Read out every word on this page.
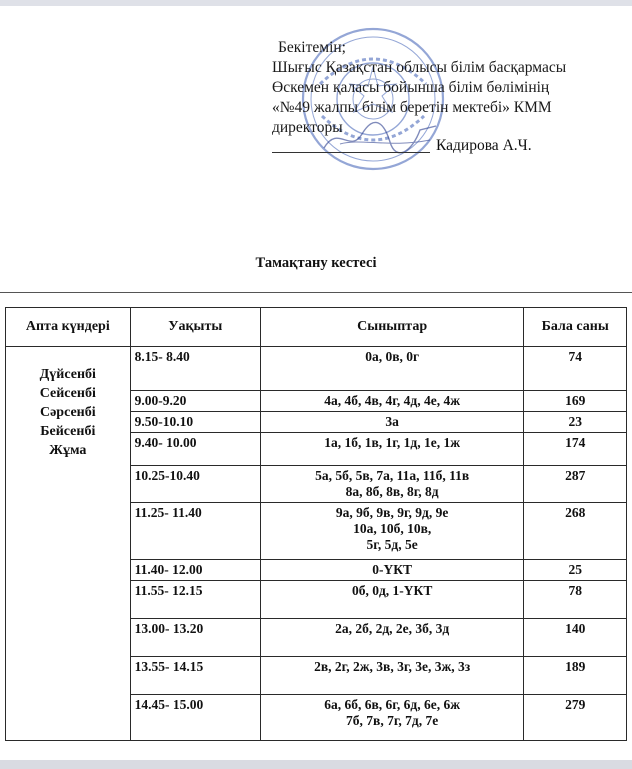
Бекітемін;
Шығыс Қазақстан облысы білім басқармасы
Өскемен қаласы бойынша білім бөлімінің
«№49 жалпы білім беретін мектебі» КММ
директоры
Кадирова А.Ч.
Тамақтану кестесі
Апта күндері	Уақыты	Сыныптар	Бала саны

Дүйсенбі
Сейсенбі
Сәрсенбі
Бейсенбі
Жұма	8.15- 8.40	0а, 0в, 0г	74
	9.00-9.20	4а, 4б, 4в, 4г, 4д, 4е, 4ж	169
	9.50-10.10	3а	23
	9.40- 10.00	1а, 1б, 1в, 1г, 1д, 1е, 1ж	174
	10.25-10.40	5а, 5б, 5в, 7а, 11а, 11б, 11в
8а, 8б, 8в, 8г, 8д	287
	11.25- 11.40	9а, 9б, 9в, 9г, 9д, 9е
10а, 10б, 10в,
5г, 5д, 5е	268
	11.40- 12.00	0-ҮКТ	25
	11.55- 12.15	0б, 0д, 1-ҮКТ	78
	13.00- 13.20	2а, 2б, 2д, 2е, 3б, 3д	140
	13.55- 14.15	2в, 2г, 2ж, 3в, 3г, 3е, 3ж, 3з	189
	14.45- 15.00	6а, 6б, 6в, 6г, 6д, 6е, 6ж
7б, 7в, 7г, 7д, 7е	279
